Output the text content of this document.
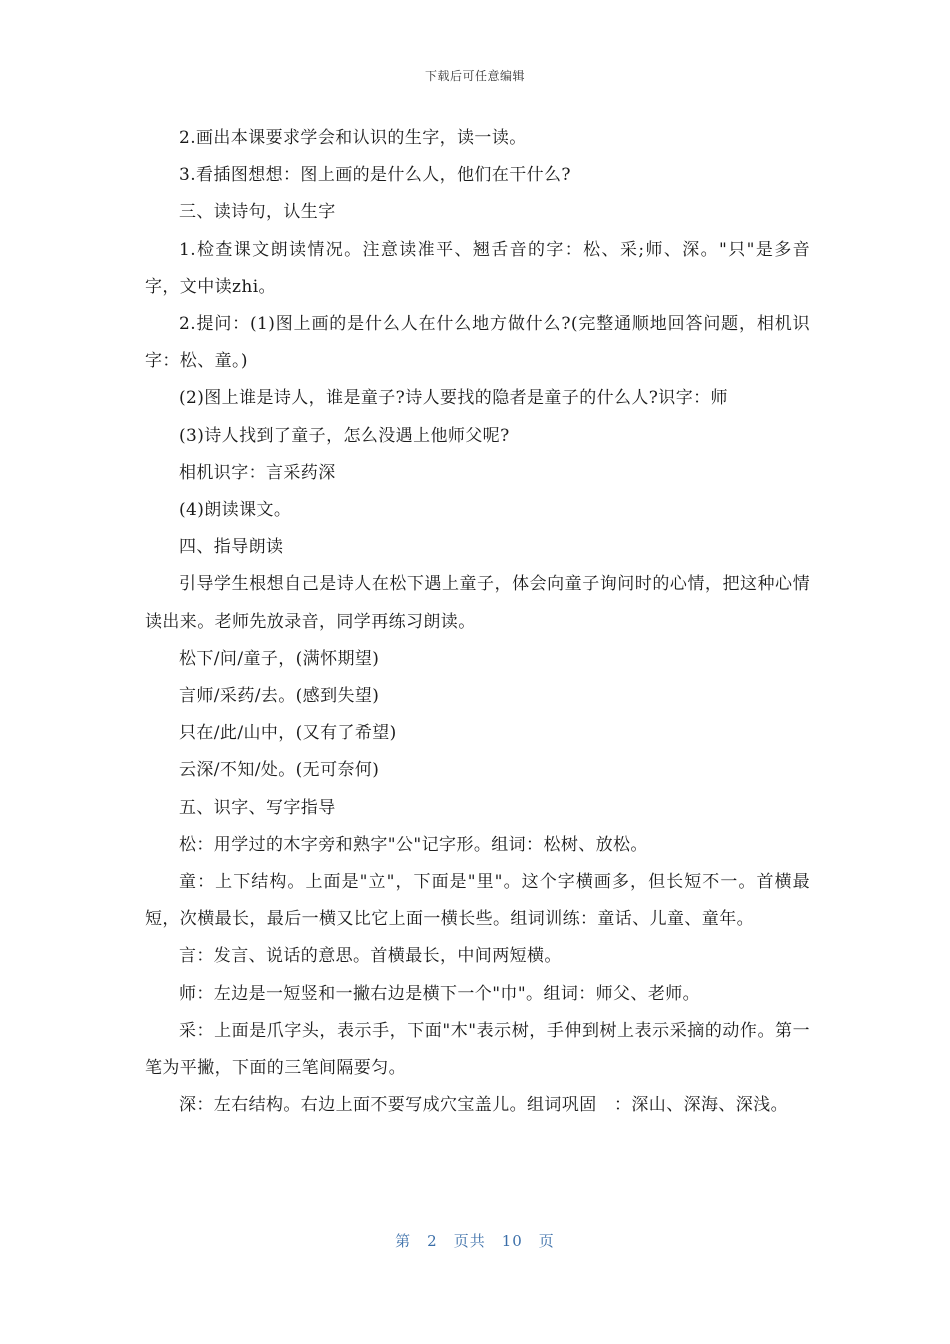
下载后可任意编辑

2.画出本课要求学会和认识的生字，读一读。

3.看插图想想：图上画的是什么人，他们在干什么?

三、读诗句，认生字

1.检查课文朗读情况。注意读准平、翘舌音的字：松、采;师、深。"只"是多音字，文中读zhi。

2.提问：(1)图上画的是什么人在什么地方做什么?(完整通顺地回答问题，相机识字：松、童。)

(2)图上谁是诗人，谁是童子?诗人要找的隐者是童子的什么人?识字：师

(3)诗人找到了童子，怎么没遇上他师父呢?

相机识字：言采药深

(4)朗读课文。

四、指导朗读

引导学生根想自己是诗人在松下遇上童子，体会向童子询问时的心情，把这种心情读出来。老师先放录音，同学再练习朗读。

松下/问/童子，(满怀期望)

言师/采药/去。(感到失望)

只在/此/山中，(又有了希望)

云深/不知/处。(无可奈何)

五、识字、写字指导

松：用学过的木字旁和熟字"公"记字形。组词：松树、放松。

童：上下结构。上面是"立"，下面是"里"。这个字横画多，但长短不一。首横最短，次横最长，最后一横又比它上面一横长些。组词训练：童话、儿童、童年。

言：发言、说话的意思。首横最长，中间两短横。

师：左边是一短竖和一撇右边是横下一个"巾"。组词：师父、老师。

采：上面是爪字头，表示手，下面"木"表示树，手伸到树上表示采摘的动作。第一笔为平撇，下面的三笔间隔要匀。

深：左右结构。右边上面不要写成穴宝盖儿。组词巩固　：深山、深海、深浅。

第　2　页共　10　页
